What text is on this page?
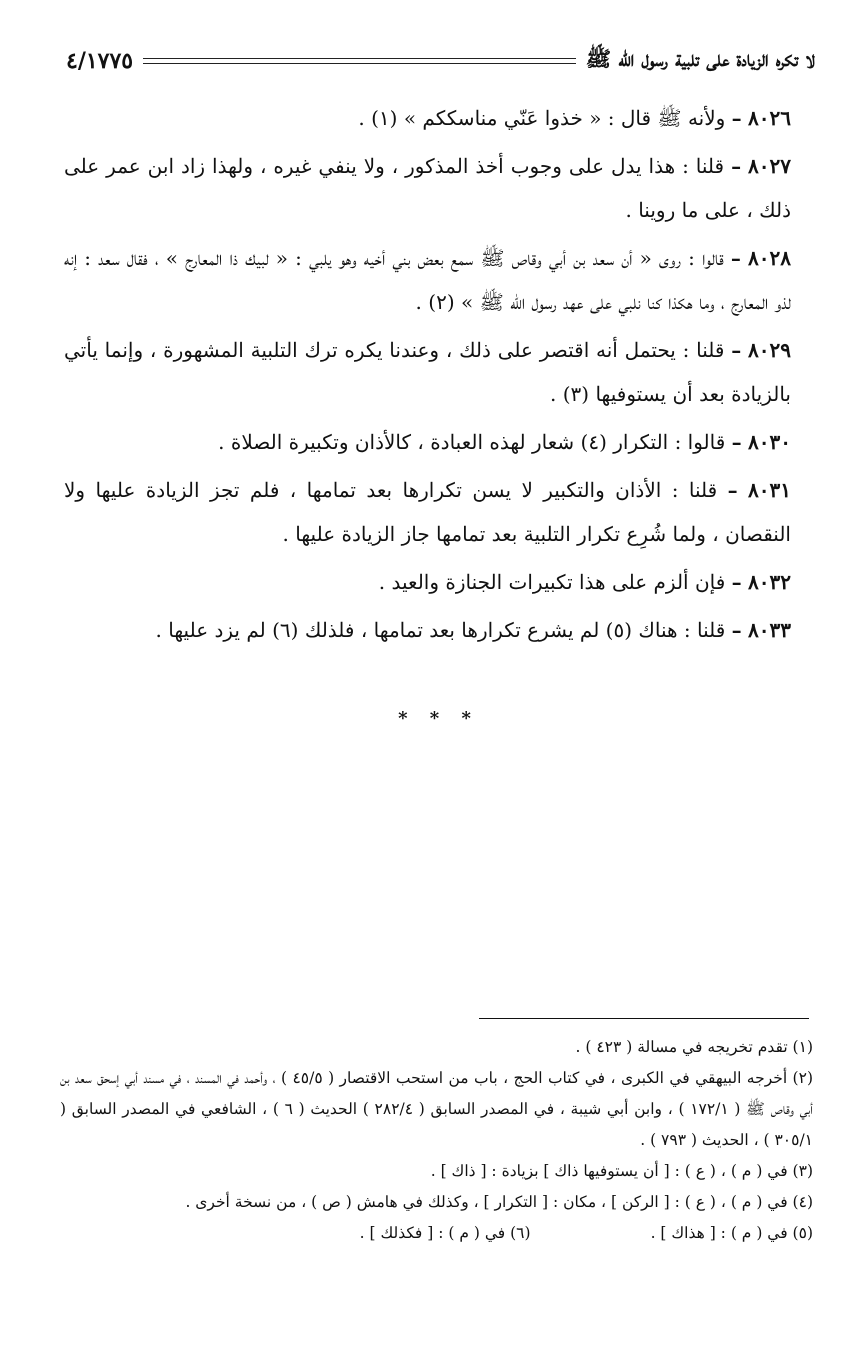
لا تكره الزيادة على تلبية رسول الله ﷺ
٤/١٧٧٥

٨٠٢٦ – ولأنه ﷺ قال : « خذوا عَنّي مناسككم » (١) .

٨٠٢٧ – قلنا : هذا يدل على وجوب أخذ المذكور ، ولا ينفي غيره ، ولهذا زاد ابن عمر على ذلك ، على ما روينا .

٨٠٢٨ – قالوا : روى « أن سعد بن أبي وقاص ﷺ سمع بعض بني أخيه وهو يلبي : « لبيك ذا المعارج » ، فقال سعد : إنه لذو المعارج ، وما هكذا كنا نلبي على عهد رسول الله ﷺ » (٢) .

٨٠٢٩ – قلنا : يحتمل أنه اقتصر على ذلك ، وعندنا يكره ترك التلبية المشهورة ، وإنما يأتي بالزيادة بعد أن يستوفيها (٣) .

٨٠٣٠ – قالوا : التكرار (٤) شعار لهذه العبادة ، كالأذان وتكبيرة الصلاة .

٨٠٣١ – قلنا : الأذان والتكبير لا يسن تكرارها بعد تمامها ، فلم تجز الزيادة عليها ولا النقصان ، ولما شُرِع تكرار التلبية بعد تمامها جاز الزيادة عليها .

٨٠٣٢ – فإن ألزم على هذا تكبيرات الجنازة والعيد .

٨٠٣٣ – قلنا : هناك (٥) لم يشرع تكرارها بعد تمامها ، فلذلك (٦) لم يزد عليها .

* * *

(١) تقدم تخريجه في مسالة ( ٤٢٣ ) .

(٢) أخرجه البيهقي في الكبرى ، في كتاب الحج ، باب من استحب الاقتصار ( ٤٥/٥ ) ، وأحمد في المسند ، في مسند أبي إسحق سعد بن أبي وقاص ﷺ ( ١٧٢/١ ) ، وابن أبي شيبة ، في المصدر السابق ( ٢٨٢/٤ ) الحديث ( ٦ ) ، الشافعي في المصدر السابق ( ٣٠٥/١ ) ، الحديث ( ٧٩٣ ) .

(٣) في ( م ) ، ( ع ) : [ أن يستوفيها ذاك ] بزيادة : [ ذاك ] .

(٤) في ( م ) ، ( ع ) : [ الركن ] ، مكان : [ التكرار ] ، وكذلك في هامش ( ص ) ، من نسخة أخرى .

(٥) في ( م ) : [ هذاك ] .
(٦) في ( م ) : [ فكذلك ] .
